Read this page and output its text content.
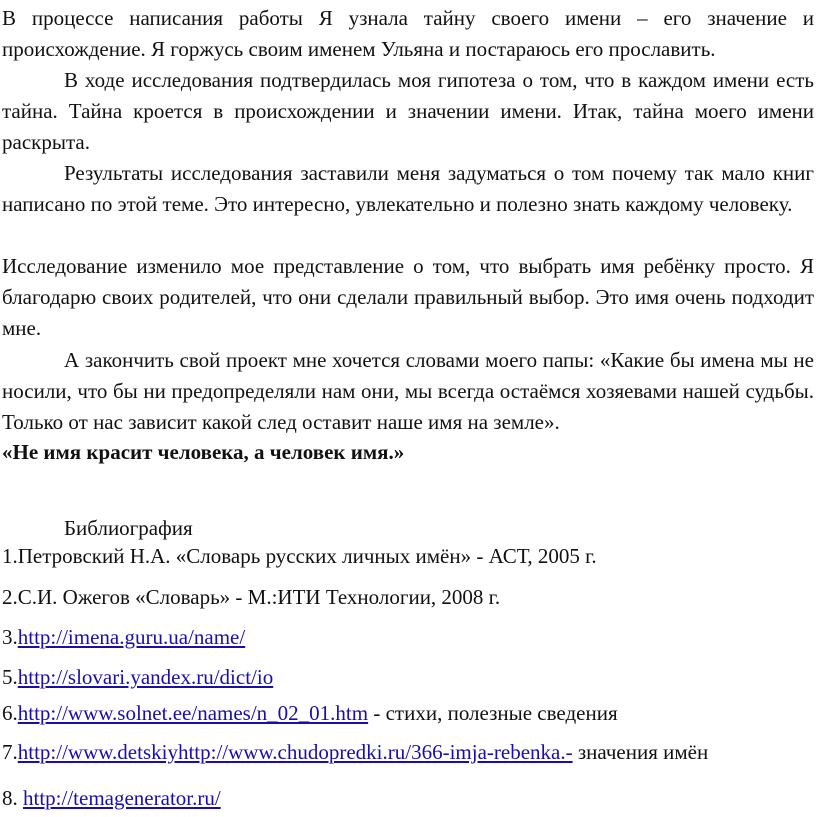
В процессе написания работы Я узнала тайну своего имени – его значение и происхождение. Я горжусь своим именем Ульяна и постараюсь его прославить.

В ходе исследования подтвердилась моя гипотеза о том, что в каждом имени есть тайна. Тайна кроется в происхождении и значении имени. Итак, тайна моего имени раскрыта.

Результаты исследования заставили меня задуматься о том почему так мало книг написано по этой теме. Это интересно, увлекательно и полезно знать каждому человеку.

Исследование изменило мое представление о том, что выбрать имя ребёнку просто. Я благодарю своих родителей, что они сделали правильный выбор. Это имя очень подходит мне.

А закончить свой проект мне хочется словами моего папы: «Какие бы имена мы не носили, что бы ни предопределяли нам они, мы всегда остаёмся хозяевами нашей судьбы. Только от нас зависит какой след оставит наше имя на земле».

«Не имя красит человека, а человек имя.»

Библиография

1.Петровский Н.А. «Словарь русских личных имён» - АСТ, 2005 г.

2.С.И. Ожегов «Словарь» - М.:ИТИ Технологии, 2008 г.

3.http://imena.guru.ua/name/

5.http://slovari.yandex.ru/dict/io

6.http://www.solnet.ee/names/n_02_01.htm - стихи, полезные сведения

7.http://www.detskiyhttp://www.chudopredki.ru/366-imja-rebenka.- значения имён

8. http://temagenerator.ru/
